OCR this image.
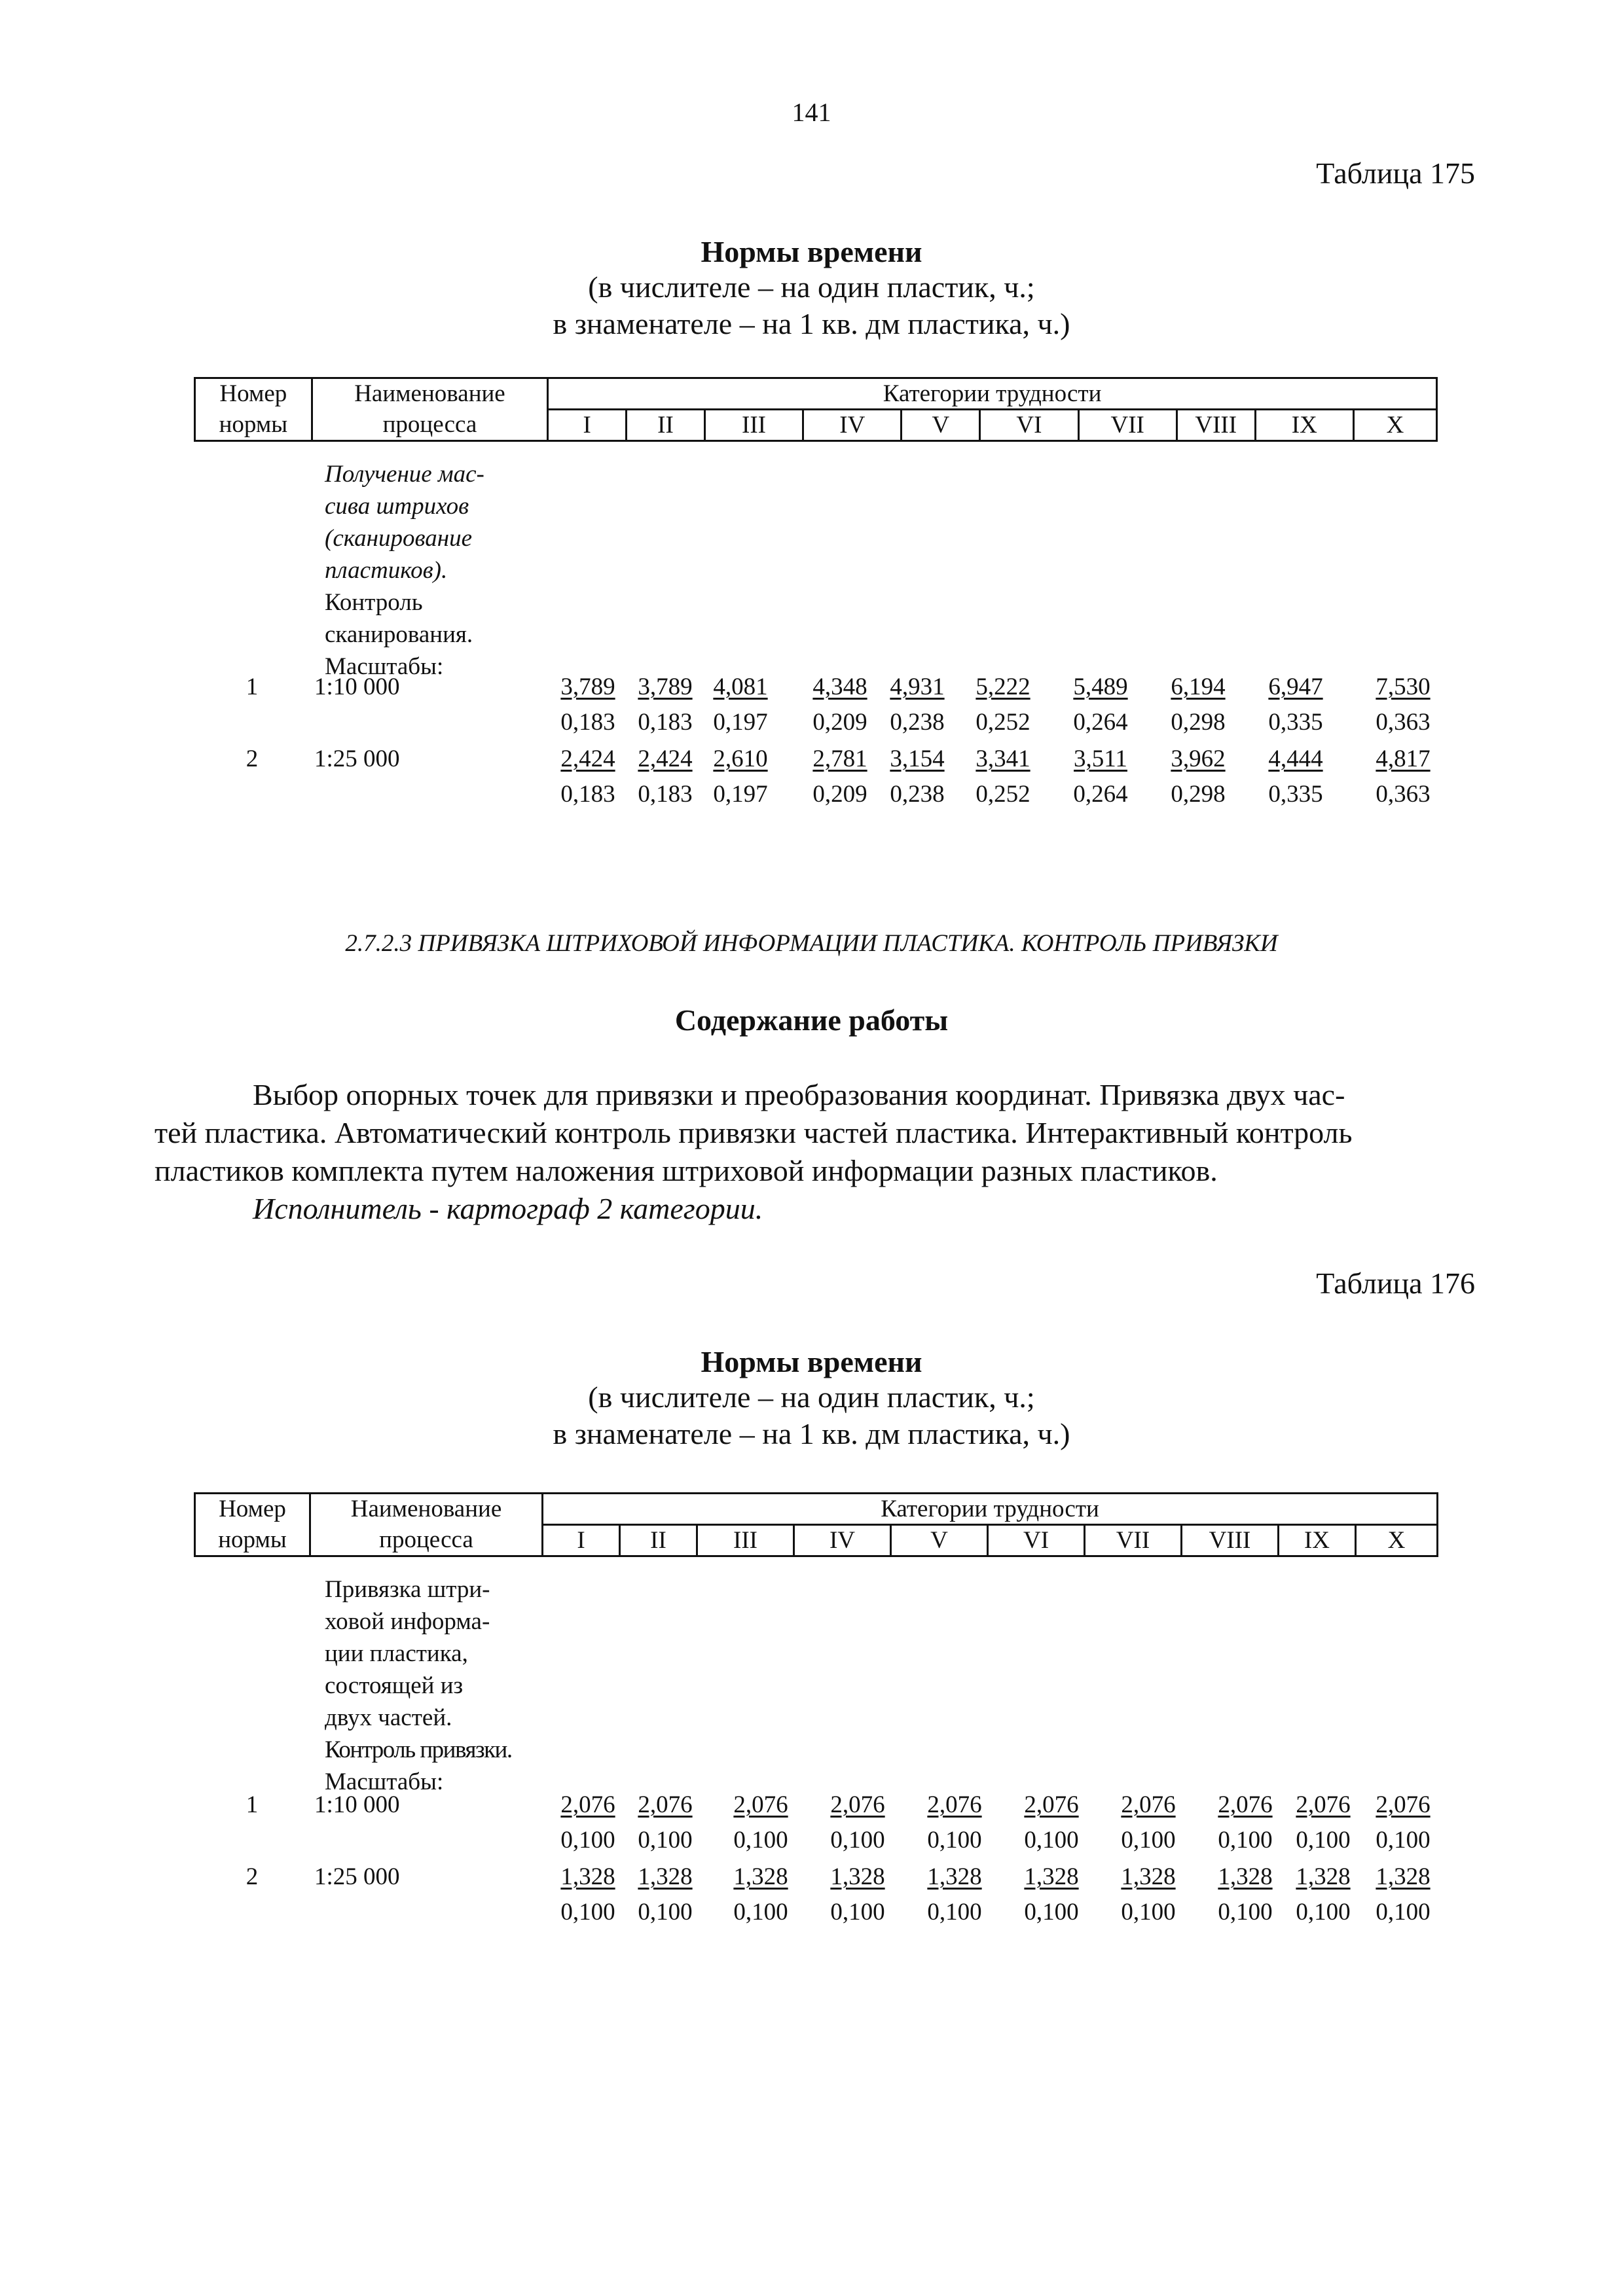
141
Таблица 175
Нормы времени
(в числителе – на один пластик, ч.;
в знаменателе – на 1 кв. дм пластика, ч.)
Номер	Наименование	Категории трудности									
нормы	процесса	I	II	III	IV	V	VI	VII	VIII	IX	X
Получение мас-
сива штрихов
(сканирование
пластиков).
Контроль
сканирования.
Масштабы:
1	1:10 000	3,789 3,789 4,081	4,348 4,931	5,222	5,489	6,194	6,947	7,530
0,183 0,183 0,197	0,209 0,238	0,252	0,264	0,298	0,335	0,363
2	1:25 000	2,424 2,424 2,610	2,781 3,154	3,341	3,511	3,962	4,444	4,817
0,183 0,183 0,197	0,209 0,238	0,252	0,264	0,298	0,335	0,363
2.7.2.3 ПРИВЯЗКА ШТРИХОВОЙ ИНФОРМАЦИИ ПЛАСТИКА. КОНТРОЛЬ ПРИВЯЗКИ
Содержание работы
Выбор опорных точек для привязки и преобразования координат. Привязка двух час-
тей пластика. Автоматический контроль привязки частей пластика. Интерактивный контроль
пластиков комплекта путем наложения штриховой информации разных пластиков.
Исполнитель - картограф 2 категории.
Таблица 176
Нормы времени
(в числителе – на один пластик, ч.;
в знаменателе – на 1 кв. дм пластика, ч.)
Номер	Наименование	Категории трудности									
нормы	процесса	I	II	III	IV	V	VI	VII	VIII	IX	X
Привязка штри-
ховой информа-
ции пластика,
состоящей из
двух частей.
Контроль привязки.
Масштабы:
1	1:10 000	2,076 2,076	2,076	2,076	2,076	2,076	2,076	2,076 2,076	2,076
0,100 0,100	0,100	0,100	0,100	0,100	0,100	0,100 0,100	0,100
2	1:25 000	1,328 1,328	1,328	1,328	1,328	1,328	1,328	1,328 1,328	1,328
0,100 0,100	0,100	0,100	0,100	0,100	0,100	0,100 0,100	0,100
